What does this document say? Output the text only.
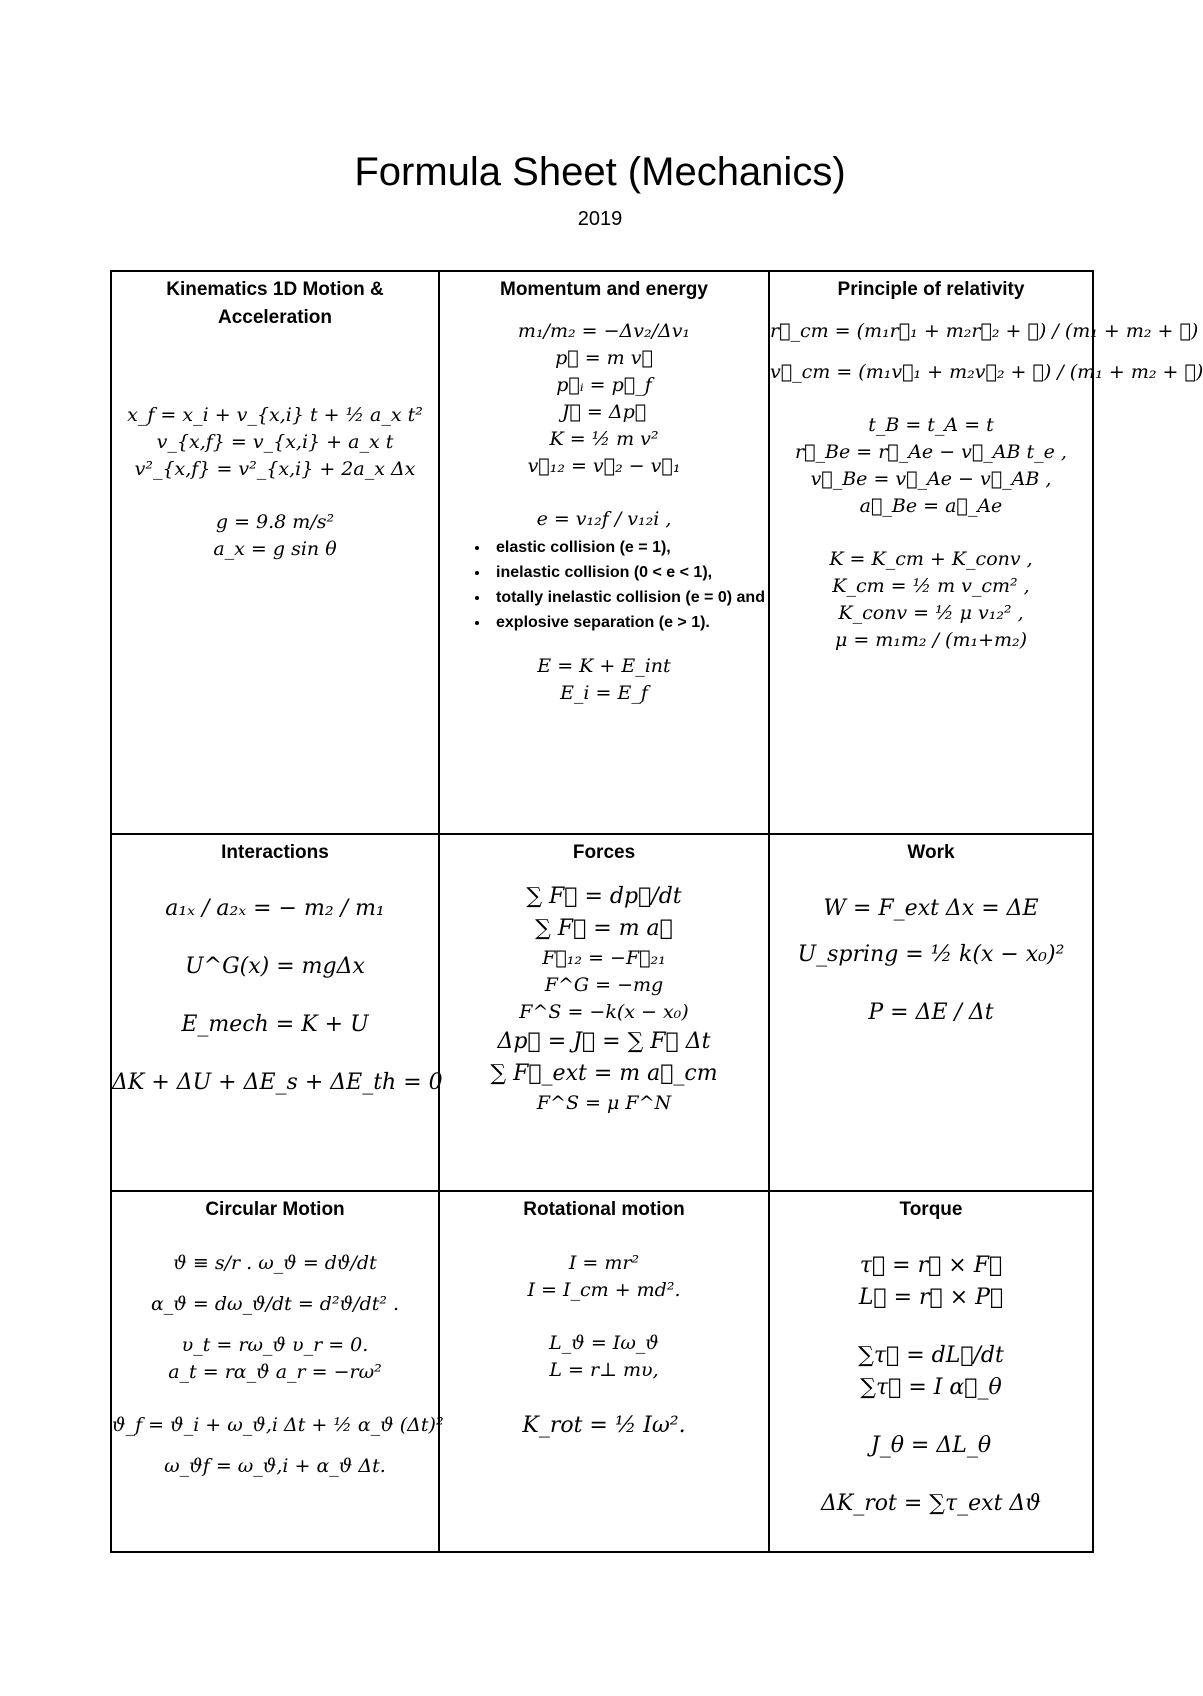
Formula Sheet (Mechanics)
2019
Kinematics 1D Motion & Acceleration
x_f = x_i + v_{x,i} t + ½ a_x t²
v_{x,f} = v_{x,i} + a_x t
v²_{x,f} = v²_{x,i} + 2a_x Δx
g = 9.8 m/s²
a_x = g sin θ
Momentum and energy
m₁/m₂ = −Δv₂/Δv₁
p⃗ = m v⃗
p⃗ᵢ = p⃗_f
J⃗ = Δp⃗
K = ½ m v²
v⃗₁₂ = v⃗₂ − v⃗₁
e = v₁₂f / v₁₂i ,
• elastic collision (e = 1),
• inelastic collision (0 < e < 1),
• totally inelastic collision (e = 0) and
• explosive separation (e > 1).
E = K + E_int
E_i = E_f
Principle of relativity
r⃗_cm = (m₁r⃗₁ + m₂r⃗₂ + ⋯) / (m₁ + m₂ + ⋯)
v⃗_cm = (m₁v⃗₁ + m₂v⃗₂ + ⋯) / (m₁ + m₂ + ⋯)
t_B = t_A = t
r⃗_Be = r⃗_Ae − v⃗_AB t_e ,
v⃗_Be = v⃗_Ae − v⃗_AB ,
a⃗_Be = a⃗_Ae
K = K_cm + K_conv ,
K_cm = ½ m v_cm² ,
K_conv = ½ μ v₁₂² ,
μ = m₁m₂ / (m₁+m₂)
Interactions
a₁ₓ / a₂ₓ = − m₂ / m₁
U^G(x) = mgΔx
E_mech = K + U
ΔK + ΔU + ΔE_s + ΔE_th = 0
Forces
∑ F⃗ = dp⃗/dt
∑ F⃗ = m a⃗
F⃗₁₂ = −F⃗₂₁
F^G = −mg
F^S = −k(x − x₀)
Δp⃗ = J⃗ = ∑ F⃗ Δt
∑ F⃗_ext = m a⃗_cm
F^S = μ F^N
Work
W = F_ext Δx = ΔE
U_spring = ½ k(x − x₀)²
P = ΔE / Δt
Circular Motion
ϑ ≡ s/r . ω_ϑ = dϑ/dt
α_ϑ = dω_ϑ/dt = d²ϑ/dt² .
υ_t = rω_ϑ υ_r = 0.
a_t = rα_ϑ a_r = −rω²
ϑ_f = ϑ_i + ω_ϑ,i Δt + ½ α_ϑ (Δt)²
ω_ϑf = ω_ϑ,i + α_ϑ Δt.
Rotational motion
I = mr²
I = I_cm + md².
L_ϑ = Iω_ϑ
L = r⊥ mυ,
K_rot = ½ Iω².
Torque
τ⃗ = r⃗ × F⃗
L⃗ = r⃗ × P⃗
∑τ⃗ = dL⃗/dt
∑τ⃗ = I α⃗_θ
J_θ = ΔL_θ
ΔK_rot = ∑τ_ext Δϑ
